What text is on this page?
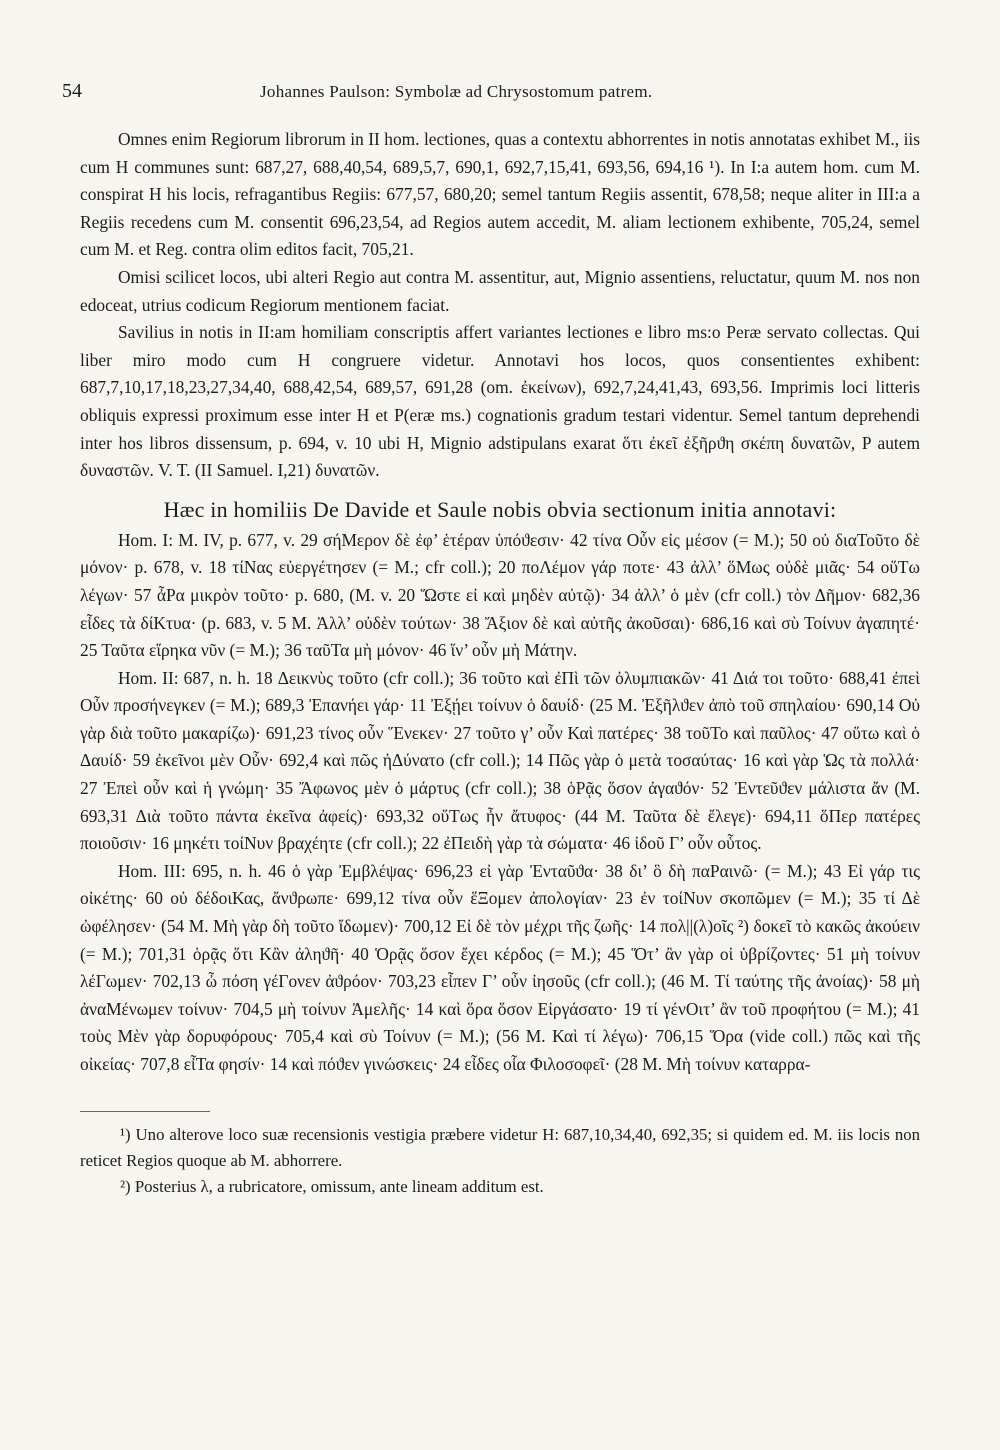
54	Johannes Paulson: Symbolæ ad Chrysostomum patrem.

Omnes enim Regiorum librorum in II hom. lectiones, quas a contextu abhorrentes in notis annotatas exhibet M., iis cum H communes sunt: 687,27, 688,40,54, 689,5,7, 690,1, 692,7,15,41, 693,56, 694,16 ¹). In I:a autem hom. cum M. conspirat H his locis, refragantibus Regiis: 677,57, 680,20; semel tantum Regiis assentit, 678,58; neque aliter in III:a a Regiis recedens cum M. consentit 696,23,54, ad Regios autem accedit, M. aliam lectionem exhibente, 705,24, semel cum M. et Reg. contra olim editos facit, 705,21.

Omisi scilicet locos, ubi alteri Regio aut contra M. assentitur, aut, Mignio assentiens, reluctatur, quum M. nos non edoceat, utrius codicum Regiorum mentionem faciat.

Savilius in notis in II:am homiliam conscriptis affert variantes lectiones e libro ms:o Peræ servato collectas. Qui liber miro modo cum H congruere videtur. Annotavi hos locos, quos consentientes exhibent: 687,7,10,17,18,23,27,34,40, 688,42,54, 689,57, 691,28 (om. ἐκείνων), 692,7,24,41,43, 693,56. Imprimis loci litteris obliquis expressi proximum esse inter H et P(eræ ms.) cognationis gradum testari videntur. Semel tantum deprehendi inter hos libros dissensum, p. 694, v. 10 ubi H, Mignio adstipulans exarat ὅτι ἐκεῖ ἐξῆρϑη σκέπη δυνατῶν, P autem δυναστῶν. V. T. (II Samuel. I,21) δυνατῶν.

Hæc in homiliis De Davide et Saule nobis obvia sectionum initia annotavi:

Hom. I: M. IV, p. 677, v. 29 σήΜερον δὲ ἐφ’ ἑτέραν ὑπόϑεσιν· 42 τίνα Οὖν εἰς μέσον (= M.); 50 οὐ διαΤοῦτο δὲ μόνον· p. 678, v. 18 τίΝας εὐεργέτησεν (= M.; cfr coll.); 20 ποΛέμον γάρ ποτε· 43 ἀλλ’ ὅΜως οὐδὲ μιᾶς· 54 οὕΤω λέγων· 57 ἆΡα μικρὸν τοῦτο· p. 680, (M. v. 20 Ὥστε εἰ καὶ μηδὲν αὐτῷ)· 34 ἀλλ’ ὁ μὲν (cfr coll.) τὸν Δῆμον· 682,36 εἶδες τὰ δίΚτυα· (p. 683, v. 5 M. Ἀλλ’ οὐδὲν τούτων· 38 Ἄξιον δὲ καὶ αὐτῆς ἀκοῦσαι)· 686,16 καὶ σὺ Τοίνυν ἀγαπητέ· 25 Ταῦτα εἴρηκα νῦν (= M.); 36 ταῦΤα μὴ μόνον· 46 ἵν’ οὖν μὴ Μάτην.

Hom. II: 687, n. h. 18 Δεικνὺς τοῦτο (cfr coll.); 36 τοῦτο καὶ ἐΠὶ τῶν ὀλυμπιακῶν· 41 Διά τοι τοῦτο· 688,41 ἐπεὶ Οὖν προσήνεγκεν (= M.); 689,3 Ἐπανήει γάρ· 11 Ἐξῄει τοίνυν ὁ δαυίδ· (25 M. Ἐξῆλϑεν ἀπὸ τοῦ σπηλαίου· 690,14 Οὐ γὰρ διὰ τοῦτο μακαρίζω)· 691,23 τίνος οὖν Ἕνεκεν· 27 τοῦτο γ’ οὖν Καὶ πατέρες· 38 τοῦΤο καὶ παῦλος· 47 οὕτω καὶ ὁ Δαυίδ· 59 ἐκεῖνοι μὲν Οὖν· 692,4 καὶ πῶς ἠΔύνατο (cfr coll.); 14 Πῶς γὰρ ὁ μετὰ τοσαύτας· 16 καὶ γὰρ Ὡς τὰ πολλά· 27 Ἐπεὶ οὖν καὶ ἡ γνώμη· 35 Ἄφωνος μὲν ὁ μάρτυς (cfr coll.); 38 ὁΡᾷς ὅσον ἀγαϑόν· 52 Ἐντεῦϑεν μάλιστα ἄν (M. 693,31 Διὰ τοῦτο πάντα ἐκεῖνα ἀφείς)· 693,32 οὕΤως ἦν ἄτυφος· (44 M. Ταῦτα δὲ ἔλεγε)· 694,11 ὅΠερ πατέρες ποιοῦσιν· 16 μηκέτι τοίΝυν βραχέητε (cfr coll.); 22 ἐΠειδὴ γὰρ τὰ σώματα· 46 ἰδοῦ Γ’ οὖν οὗτος.

Hom. III: 695, n. h. 46 ὁ γὰρ Ἐμβλέψας· 696,23 εἰ γὰρ Ἐνταῦϑα· 38 δι’ ὃ δὴ παΡαινῶ· (= M.); 43 Εἰ γάρ τις οἰκέτης· 60 οὐ δέδοιΚας, ἄνϑρωπε· 699,12 τίνα οὖν ἕΞομεν ἀπολογίαν· 23 ἐν τοίΝυν σκοπῶμεν (= M.); 35 τί Δὲ ὠφέλησεν· (54 M. Μὴ γὰρ δὴ τοῦτο ἴδωμεν)· 700,12 Εἰ δὲ τὸν μέχρι τῆς ζωῆς· 14 πολ||(λ)οῖς ²) δοκεῖ τὸ κακῶς ἀκούειν (= M.); 701,31 ὁρᾷς ὅτι Κἂν ἀληϑῆ· 40 Ὁρᾷς ὅσον ἔχει κέρδος (= M.); 45 Ὅτ’ ἂν γὰρ οἱ ὑβρίζοντες· 51 μὴ τοίνυν λέΓωμεν· 702,13 ὦ πόση γέΓονεν ἀϑρόον· 703,23 εἶπεν Γ’ οὖν ἰησοῦς (cfr coll.); (46 M. Τί ταύτης τῆς ἀνοίας)· 58 μὴ ἀναΜένωμεν τοίνυν· 704,5 μὴ τοίνυν Ἀμελῆς· 14 καὶ ὅρα ὅσον Εἰργάσατο· 19 τί γένΟιτ’ ἂν τοῦ προφήτου (= M.); 41 τοὺς Μὲν γὰρ δορυφόρους· 705,4 καὶ σὺ Τοίνυν (= M.); (56 M. Καὶ τί λέγω)· 706,15 Ὅρα (vide coll.) πῶς καὶ τῆς οἰκείας· 707,8 εἶΤα φησίν· 14 καὶ πόϑεν γινώσκεις· 24 εἶδες οἷα Φιλοσοφεῖ· (28 M. Μὴ τοίνυν καταρρα-

¹) Uno alterove loco suæ recensionis vestigia præbere videtur H: 687,10,34,40, 692,35; si quidem ed. M. iis locis non reticet Regios quoque ab M. abhorrere.

²) Posterius λ, a rubricatore, omissum, ante lineam additum est.
